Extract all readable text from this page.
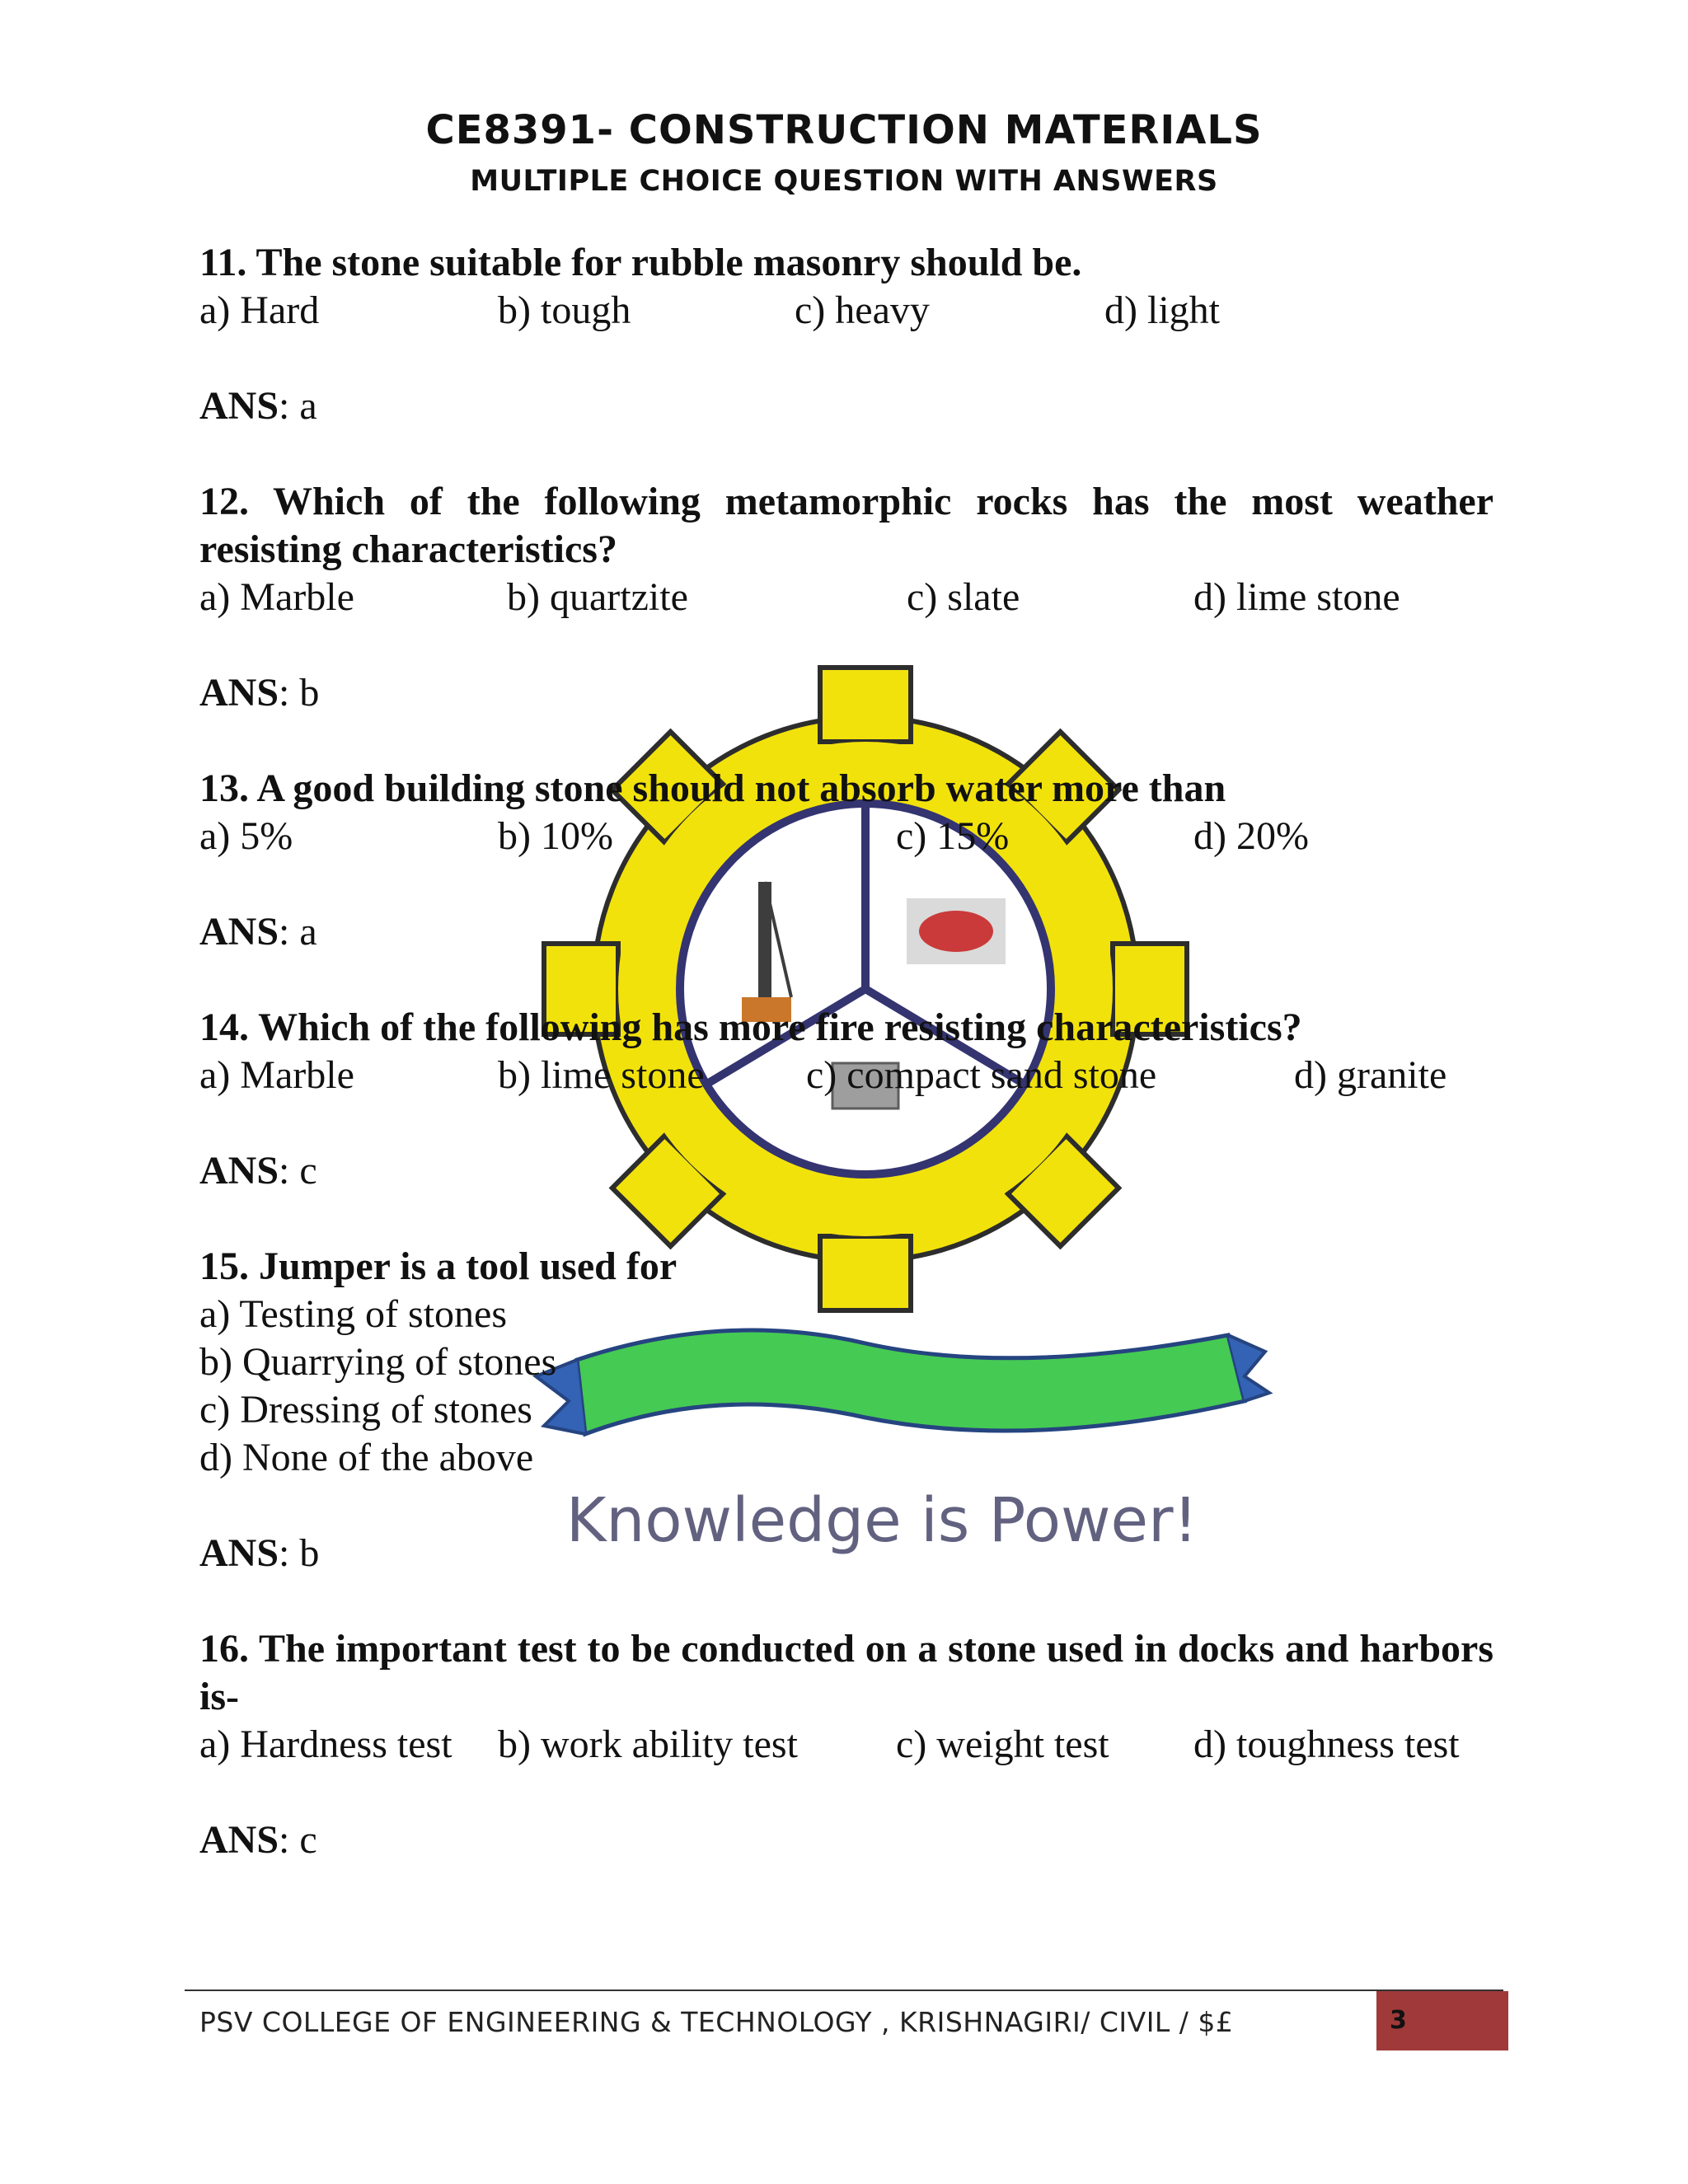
Knowledge is Power!
CE8391- CONSTRUCTION MATERIALS
MULTIPLE CHOICE QUESTION WITH ANSWERS

11. The stone suitable for rubble masonry should be.

a) Hard	b) tough	c) heavy	d) light
ANS: a

12. Which of the following metamorphic rocks has the most weather resisting characteristics?

a) Marble	b) quartzite	c) slate	d) lime stone
ANS: b

13. A good building stone should not absorb water more than

a) 5%	b) 10%	c) 15%	d) 20%
ANS: a

14. Which of the following has more fire resisting characteristics?

a) Marble	b) lime stone	c) compact sand stone	d) granite
ANS: c

15. Jumper is a tool used for

a) Testing of stones
b) Quarrying of stones
c) Dressing of stones
d) None of the above
ANS: b

16. The important test to be conducted on a stone used in docks and harbors is-

a) Hardness test b) work ability test c) weight test d) toughness test
ANS: c
PSV COLLEGE OF ENGINEERING & TECHNOLOGY , KRISHNAGIRI/ CIVIL / $£	3
